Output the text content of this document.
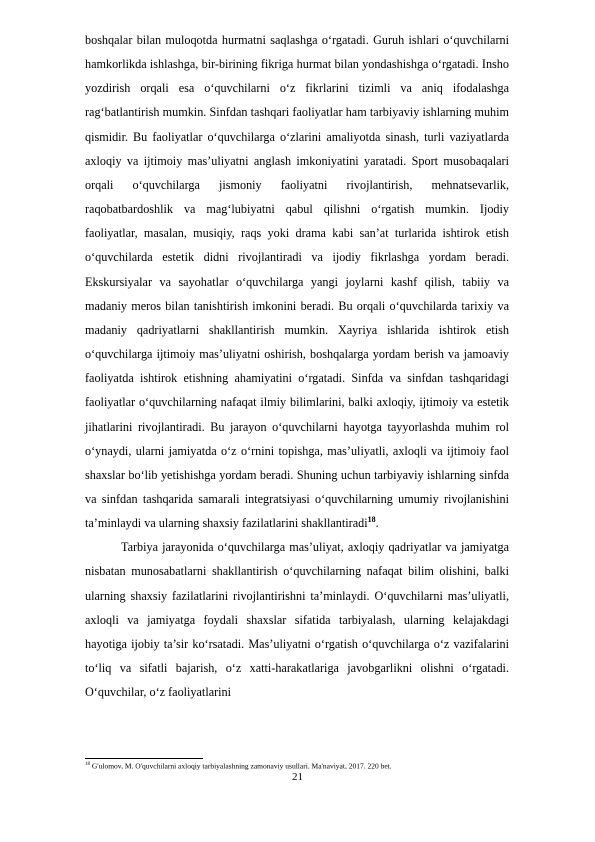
boshqalar bilan muloqotda hurmatni saqlashga o‘rgatadi. Guruh ishlari o‘quvchilarni hamkorlikda ishlashga, bir-birining fikriga hurmat bilan yondashishga o‘rgatadi. Insho yozdirish orqali esa o‘quvchilarni o‘z fikrlarini tizimli va aniq ifodalashga rag‘batlantirish mumkin. Sinfdan tashqari faoliyatlar ham tarbiyaviy ishlarning muhim qismidir. Bu faoliyatlar o‘quvchilarga o‘zlarini amaliyotda sinash, turli vaziyatlarda axloqiy va ijtimoiy mas’uliyatni anglash imkoniyatini yaratadi. Sport musobaqalari orqali o‘quvchilarga jismoniy faoliyatni rivojlantirish, mehnatsevarlik, raqobatbardoshlik va mag‘lubiyatni qabul qilishni o‘rgatish mumkin. Ijodiy faoliyatlar, masalan, musiqiy, raqs yoki drama kabi san’at turlarida ishtirok etish o‘quvchilarda estetik didni rivojlantiradi va ijodiy fikrlashga yordam beradi. Ekskursiyalar va sayohatlar o‘quvchilarga yangi joylarni kashf qilish, tabiiy va madaniy meros bilan tanishtirish imkonini beradi. Bu orqali o‘quvchilarda tarixiy va madaniy qadriyatlarni shakllantirish mumkin. Xayriya ishlarida ishtirok etish o‘quvchilarga ijtimoiy mas’uliyatni oshirish, boshqalarga yordam berish va jamoaviy faoliyatda ishtirok etishning ahamiyatini o‘rgatadi. Sinfda va sinfdan tashqaridagi faoliyatlar o‘quvchilarning nafaqat ilmiy bilimlarini, balki axloqiy, ijtimoiy va estetik jihatlarini rivojlantiradi. Bu jarayon o‘quvchilarni hayotga tayyorlashda muhim rol o‘ynaydi, ularni jamiyatda o‘z o‘rnini topishga, mas’uliyatli, axloqli va ijtimoiy faol shaxslar bo‘lib yetishishga yordam beradi. Shuning uchun tarbiyaviy ishlarning sinfda va sinfdan tashqarida samarali integratsiyasi o‘quvchilarning umumiy rivojlanishini ta’minlaydi va ularning shaxsiy fazilatlarini shakllantiradi$^{18}$.

Tarbiya jarayonida o‘quvchilarga mas’uliyat, axloqiy qadriyatlar va jamiyatga nisbatan munosabatlarni shakllantirish o‘quvchilarning nafaqat bilim olishini, balki ularning shaxsiy fazilatlarini rivojlantirishni ta’minlaydi. O‘quvchilarni mas’uliyatli, axloqli va jamiyatga foydali shaxslar sifatida tarbiyalash, ularning kelajakdagi hayotiga ijobiy ta’sir ko‘rsatadi. Mas’uliyatni o‘rgatish o‘quvchilarga o‘z vazifalarini to‘liq va sifatli bajarish, o‘z xatti-harakatlariga javobgarlikni olishni o‘rgatadi. O‘quvchilar, o‘z faoliyatlarini

$^{18}$ G'ulomov, M. O'quvchilarni axloqiy tarbiyalashning zamonaviy usullari. Ma'naviyat, 2017. 220 bet.
21
